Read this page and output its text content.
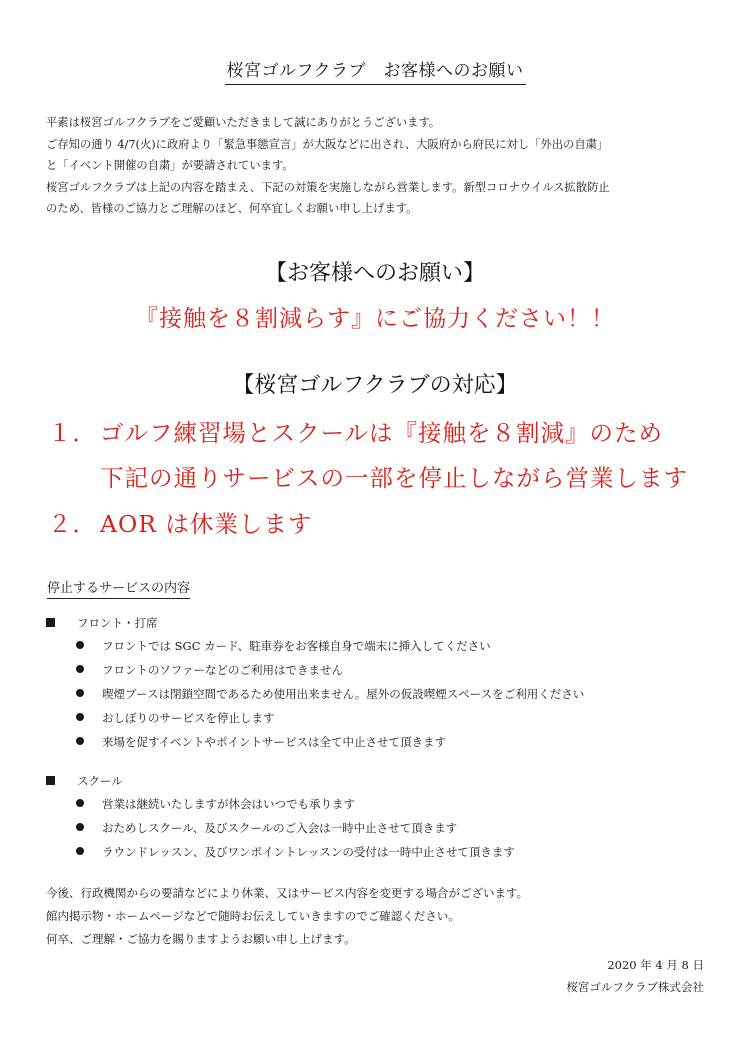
桜宮ゴルフクラブ　お客様へのお願い

平素は桜宮ゴルフクラブをご愛顧いただきまして誠にありがとうございます。

ご存知の通り 4/7(火)に政府より「緊急事態宣言」が大阪などに出され、大阪府から府民に対し「外出の自粛」

と「イベント開催の自粛」が要請されています。

桜宮ゴルフクラブは上記の内容を踏まえ、下記の対策を実施しながら営業します。新型コロナウイルス拡散防止

のため、皆様のご協力とご理解のほど、何卒宜しくお願い申し上げます。

【お客様へのお願い】
『接触を８割減らす』にご協力ください！！
【桜宮ゴルフクラブの対応】
１． ゴルフ練習場とスクールは『接触を８割減』のため
下記の通りサービスの一部を停止しながら営業します
２． AOR は休業します
停止するサービスの内容
フロント・打席
フロントでは SGC カード、駐車券をお客様自身で端末に挿入してください
フロントのソファーなどのご利用はできません
喫煙ブースは閉鎖空間であるため使用出来ません。屋外の仮設喫煙スペースをご利用ください
おしぼりのサービスを停止します
来場を促すイベントやポイントサービスは全て中止させて頂きます
スクール
営業は継続いたしますが休会はいつでも承ります
おためしスクール、及びスクールのご入会は一時中止させて頂きます
ラウンドレッスン、及びワンポイントレッスンの受付は一時中止させて頂きます

今後、行政機関からの要請などにより休業、又はサービス内容を変更する場合がございます。

館内掲示物・ホームページなどで随時お伝えしていきますのでご確認ください。

何卒、ご理解・ご協力を賜りますようお願い申し上げます。

2020 年 4 月 8 日
桜宮ゴルフクラブ株式会社
